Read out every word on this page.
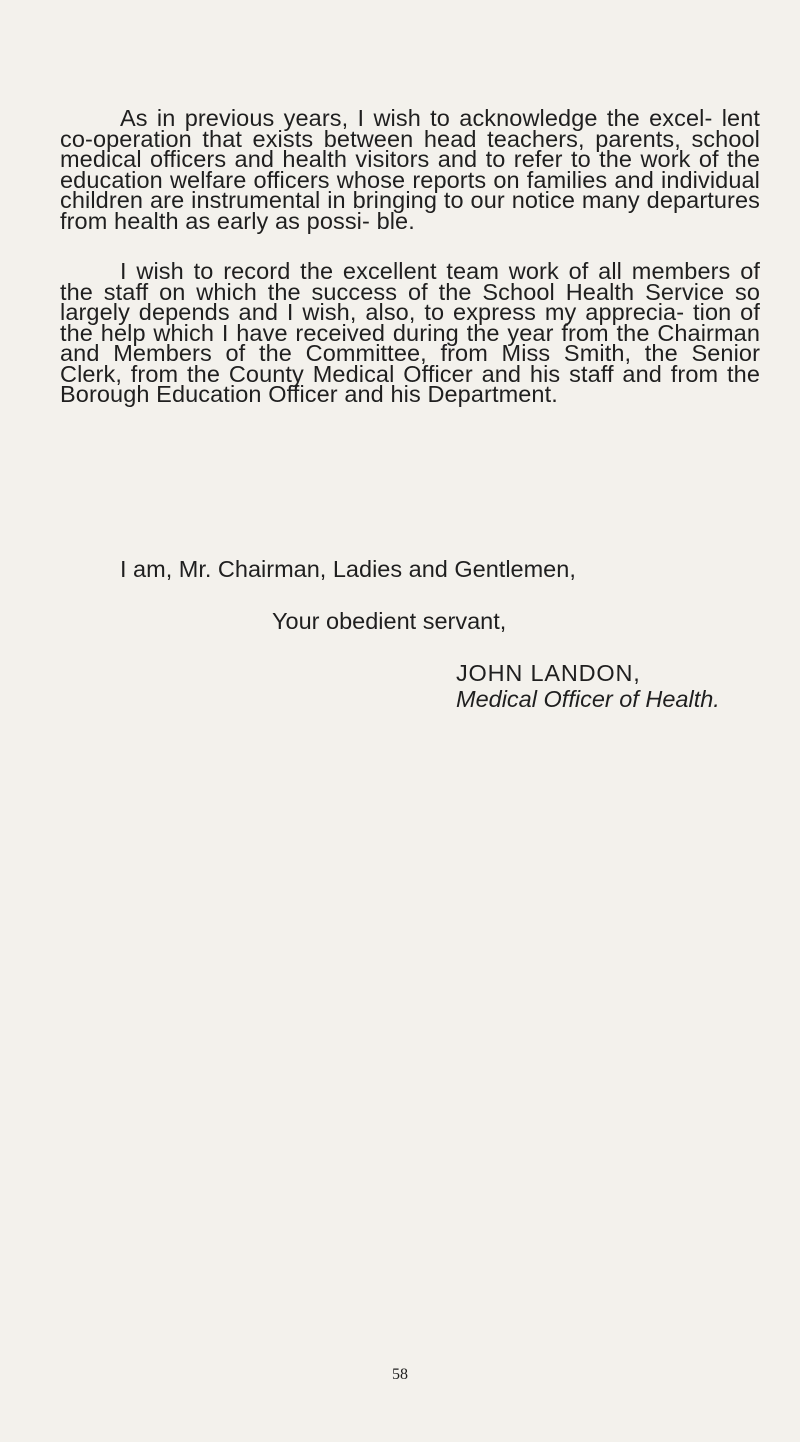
As in previous years, I wish to acknowledge the excel- lent co-operation that exists between head teachers, parents, school medical officers and health visitors and to refer to the work of the education welfare officers whose reports on families and individual children are instrumental in bringing to our notice many departures from health as early as possi- ble.

I wish to record the excellent team work of all members of the staff on which the success of the School Health Service so largely depends and I wish, also, to express my apprecia- tion of the help which I have received during the year from the Chairman and Members of the Committee, from Miss Smith, the Senior Clerk, from the County Medical Officer and his staff and from the Borough Education Officer and his Department.

I am, Mr. Chairman, Ladies and Gentlemen,
Your obedient servant,
JOHN LANDON,
Medical Officer of Health.
58
